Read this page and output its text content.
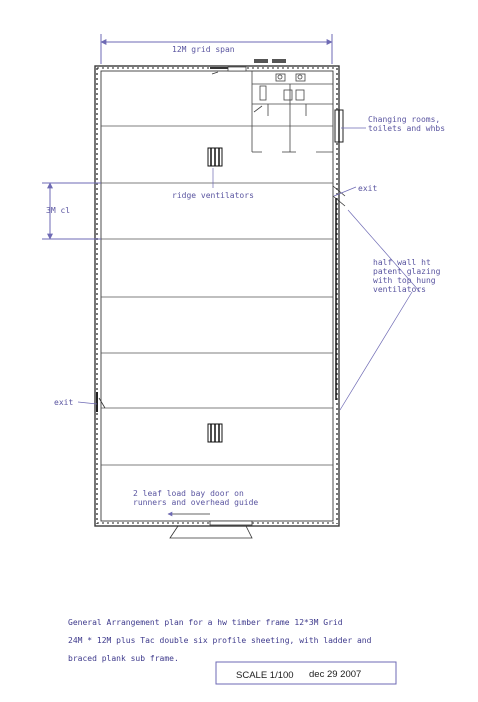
12M grid span
3M cl
Changing rooms,
toilets and whbs
exit
ridge ventilators
half wall ht
patent glazing
with top hung
ventilators
exit
2 leaf load bay door on
runners and overhead guide
General Arrangement plan for a hw timber frame 12*3M Grid
24M * 12M plus Tac double six profile sheeting, with ladder and
braced plank sub frame.
SCALE 1/100 dec 29 2007
